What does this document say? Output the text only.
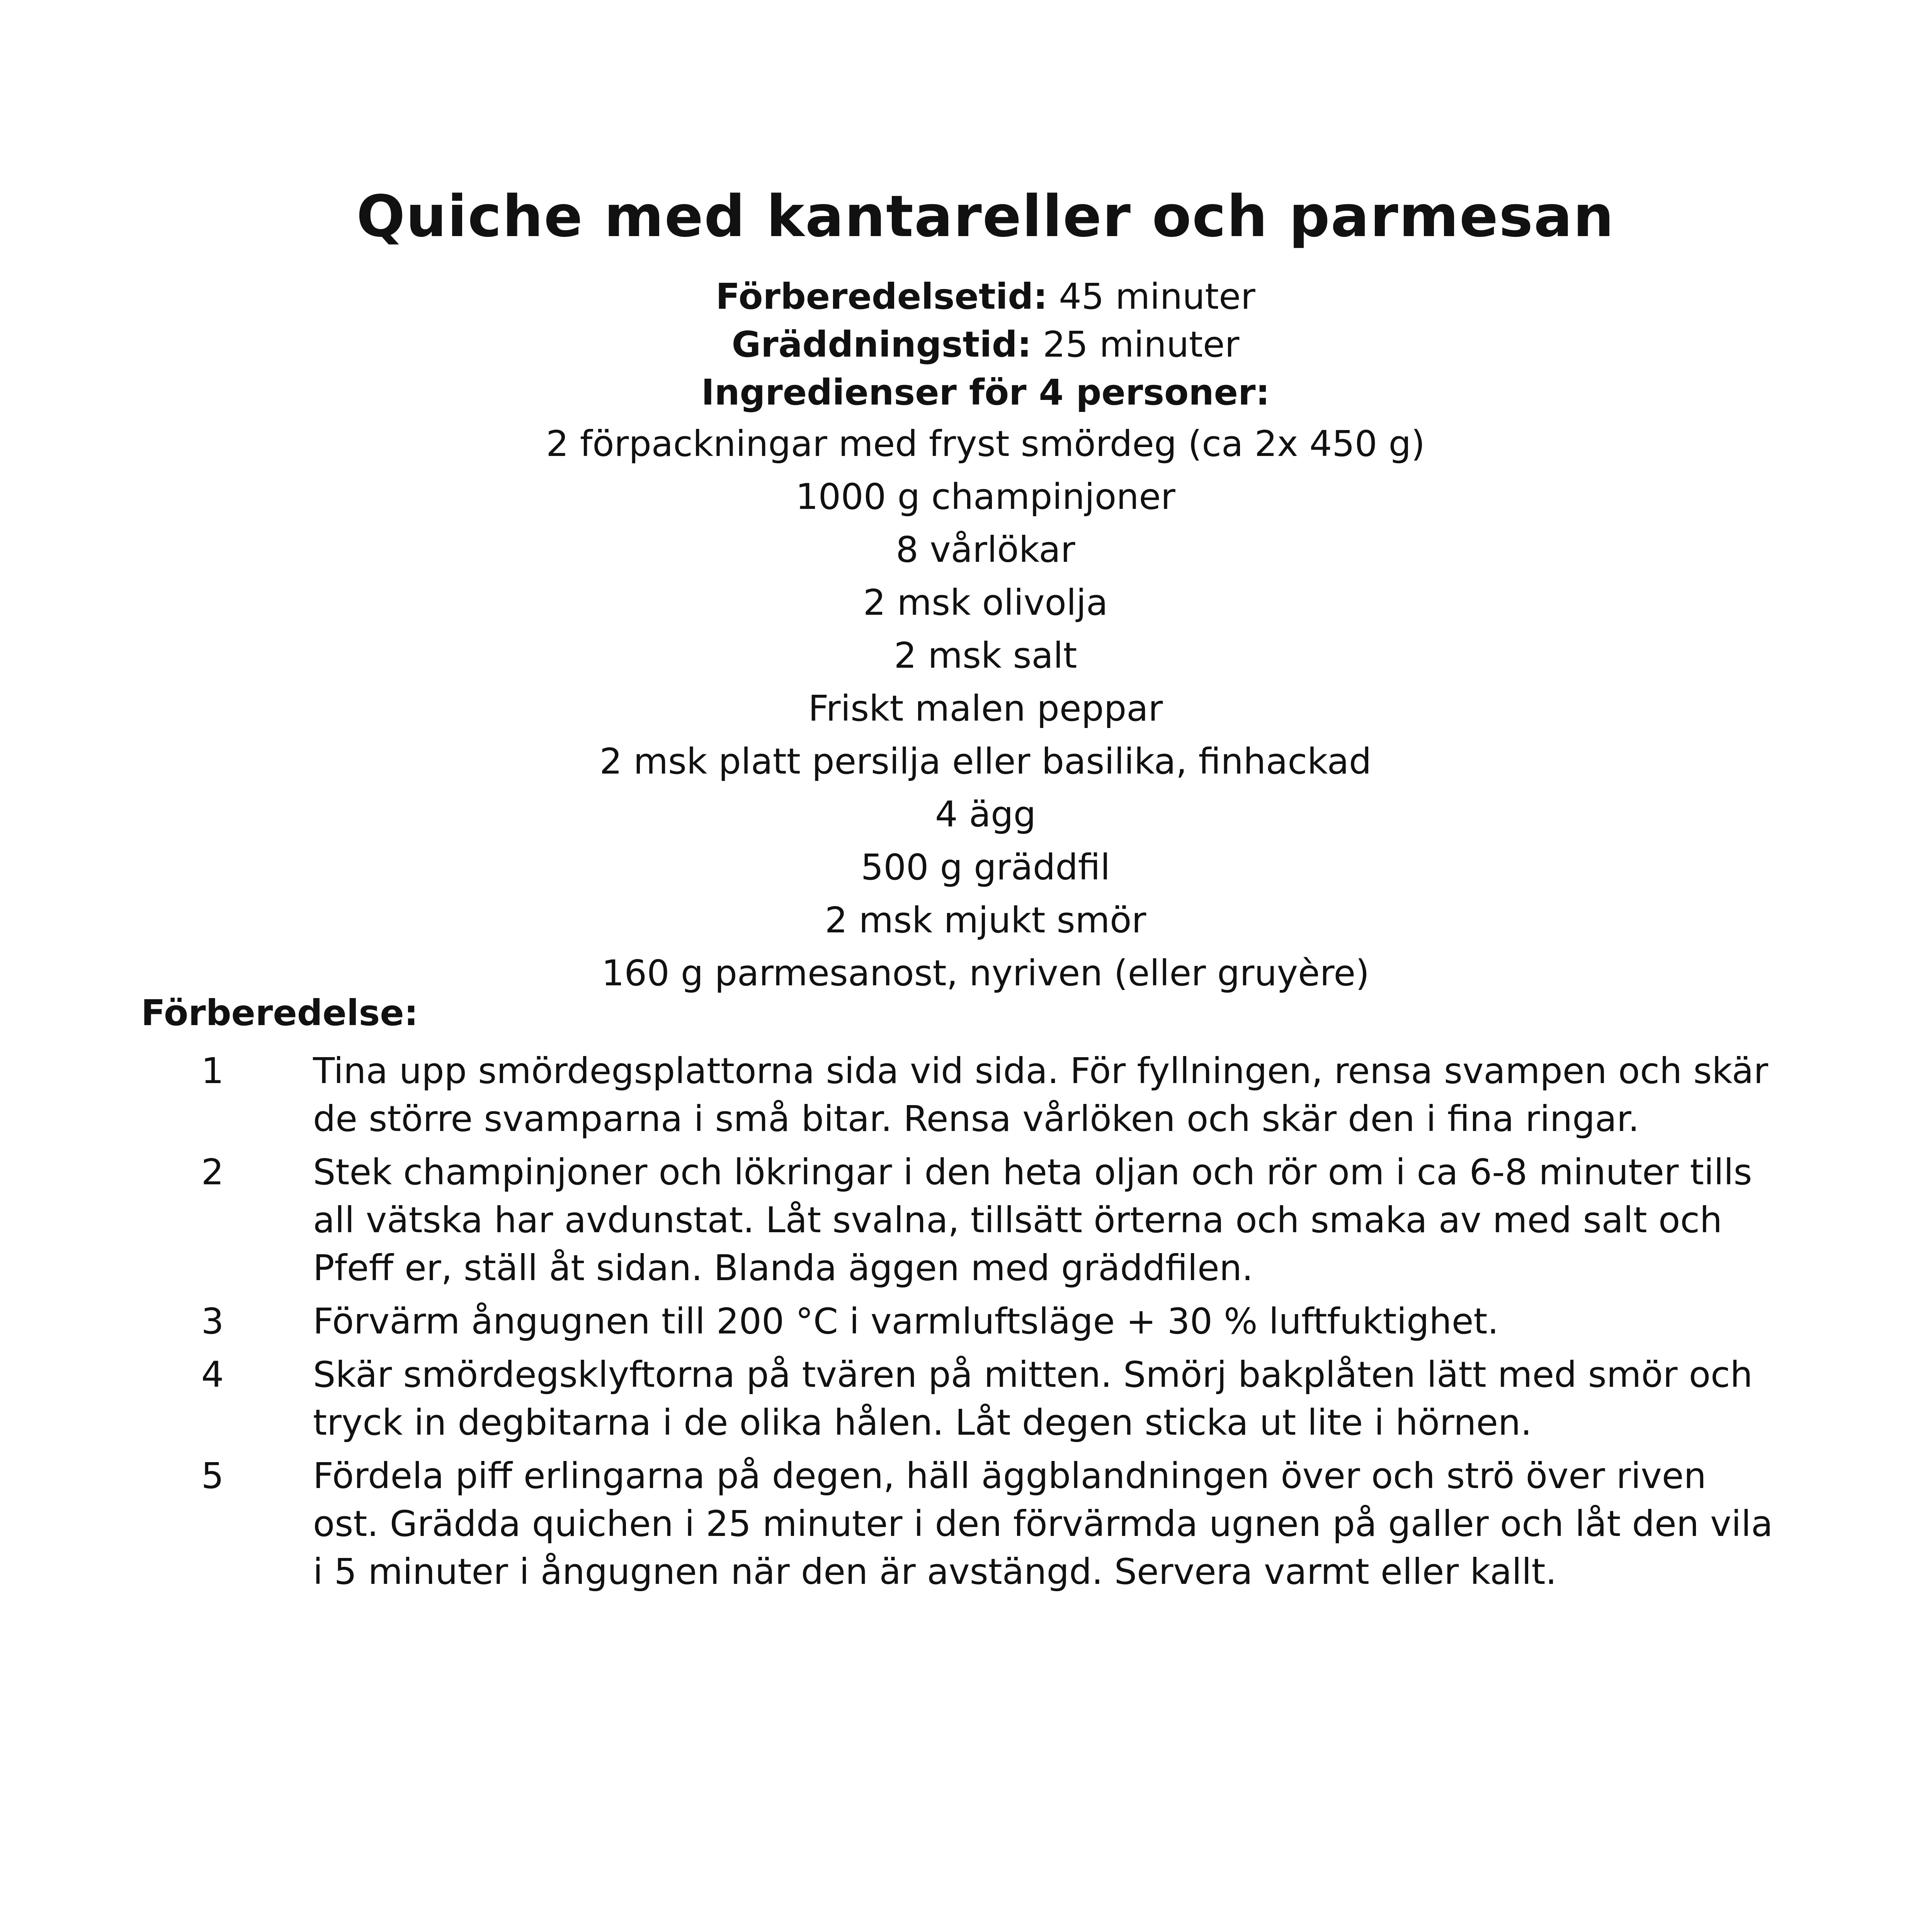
Quiche med kantareller och parmesan
Förberedelsetid: 45 minuter
Gräddningstid: 25 minuter
Ingredienser för 4 personer:
2 förpackningar med fryst smördeg (ca 2x 450 g)
1000 g champinjoner
8 vårlökar
2 msk olivolja
2 msk salt
Friskt malen peppar
2 msk platt persilja eller basilika, finhackad
4 ägg
500 g gräddfil
2 msk mjukt smör
160 g parmesanost, nyriven (eller gruyère)
Förberedelse:
1	Tina upp smördegsplattorna sida vid sida. För fyllningen, rensa svampen och skär de större svamparna i små bitar. Rensa vårlöken och skär den i fina ringar.
2	Stek champinjoner och lökringar i den heta oljan och rör om i ca 6-8 minuter tills all vätska har avdunstat. Låt svalna, tillsätt örterna och smaka av med salt och Pfeff er, ställ åt sidan. Blanda äggen med gräddfilen.
3	Förvärm ångugnen till 200 °C i varmluftsläge + 30 % luftfuktighet.
4	Skär smördegsklyftorna på tvären på mitten. Smörj bakplåten lätt med smör och tryck in degbitarna i de olika hålen. Låt degen sticka ut lite i hörnen.
5	Fördela piff erlingarna på degen, häll äggblandningen över och strö över riven ost. Grädda quichen i 25 minuter i den förvärmda ugnen på galler och låt den vila i 5 minuter i ångugnen när den är avstängd. Servera varmt eller kallt.
